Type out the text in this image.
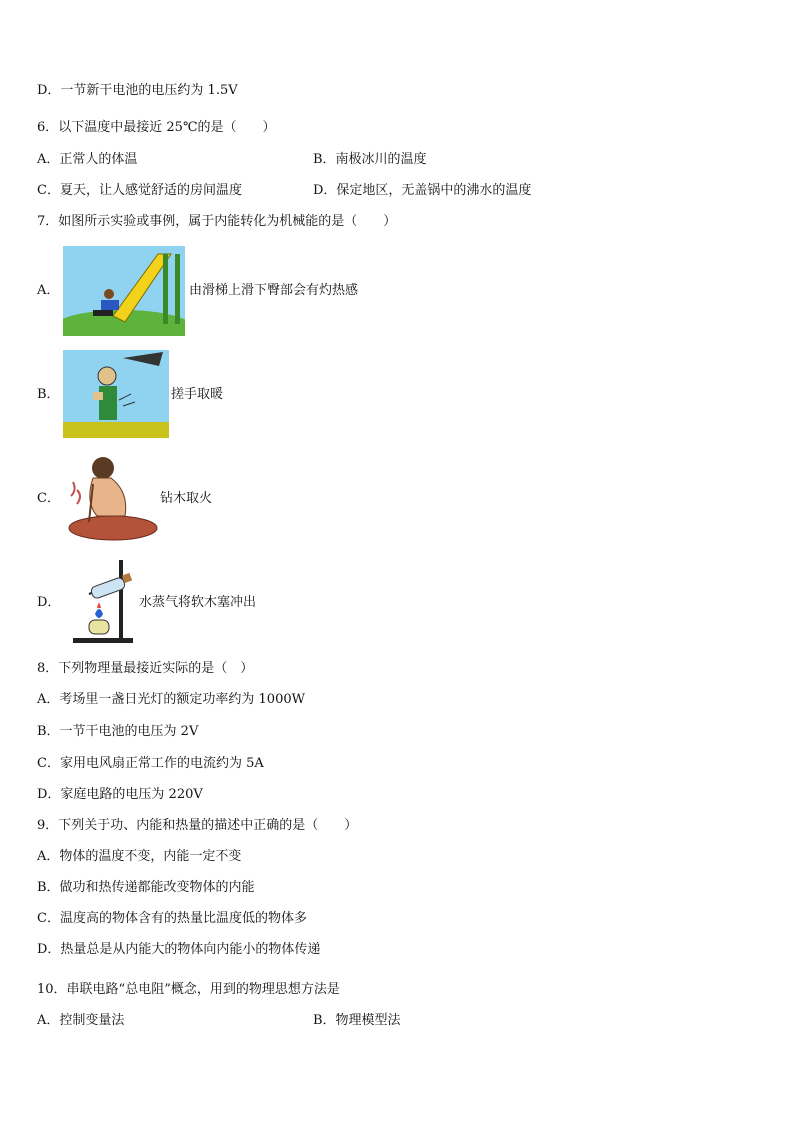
D．一节新干电池的电压约为 1.5V
6．以下温度中最接近 25℃的是（　　）
A．正常人的体温	B．南极冰川的温度
C．夏天，让人感觉舒适的房间温度	D．保定地区，无盖锅中的沸水的温度
7．如图所示实验或事例，属于内能转化为机械能的是（　　）
A．	由滑梯上滑下臀部会有灼热感
B．	搓手取暖
C．	钻木取火
D．	水蒸气将软木塞冲出
8．下列物理量最接近实际的是（　）
A．考场里一盏日光灯的额定功率约为 1000W
B．一节干电池的电压为 2V
C．家用电风扇正常工作的电流约为 5A
D．家庭电路的电压为 220V
9．下列关于功、内能和热量的描述中正确的是（　　）
A．物体的温度不变，内能一定不变
B．做功和热传递都能改变物体的内能
C．温度高的物体含有的热量比温度低的物体多
D．热量总是从内能大的物体向内能小的物体传递
10．串联电路“总电阻”概念，用到的物理思想方法是
A．控制变量法	B．物理模型法
